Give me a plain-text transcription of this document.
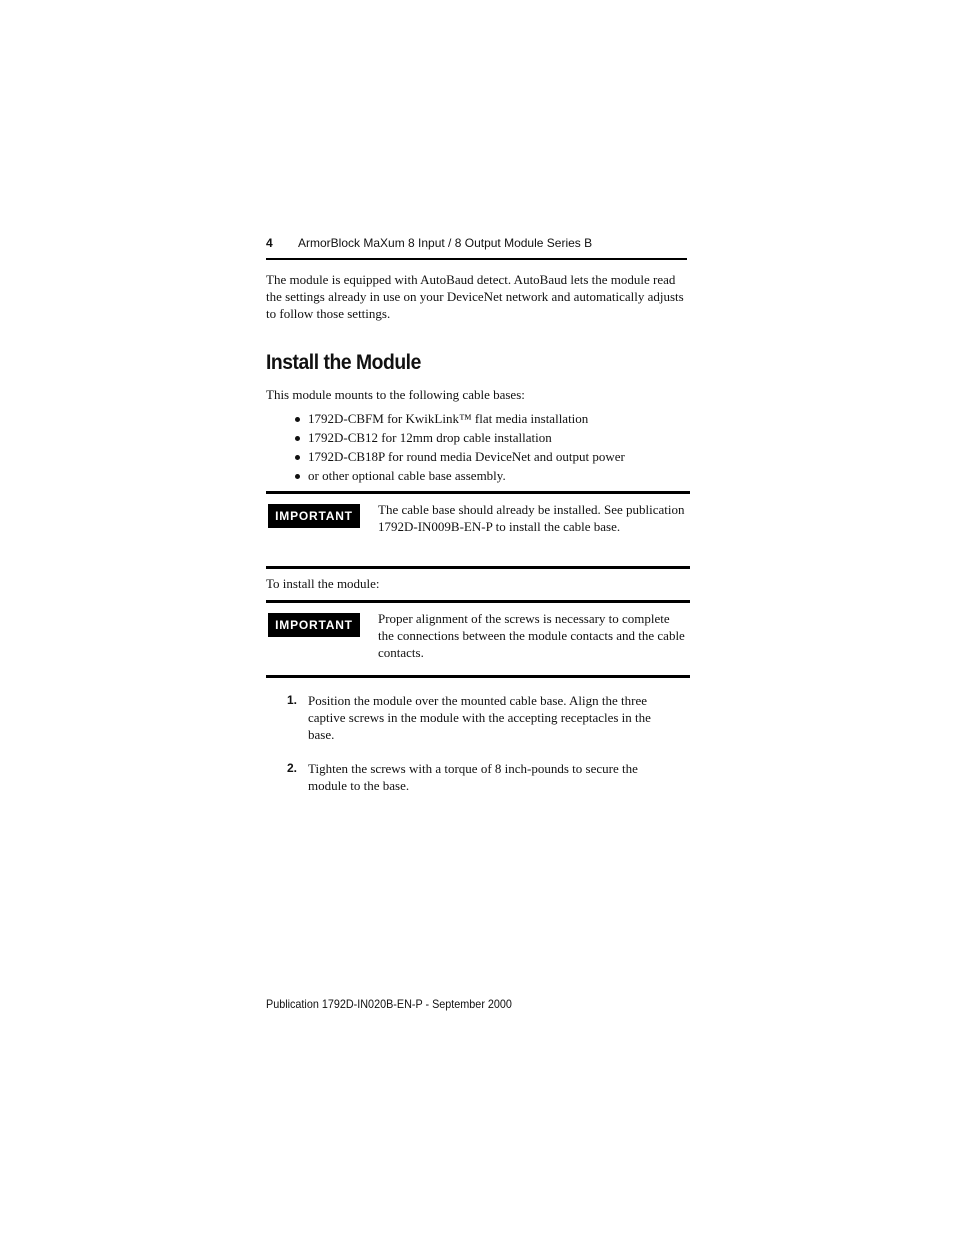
4 ArmorBlock MaXum 8 Input / 8 Output Module Series B
The module is equipped with AutoBaud detect. AutoBaud lets the module read the settings already in use on your DeviceNet network and automatically adjusts to follow those settings.
Install the Module
This module mounts to the following cable bases:
1792D-CBFM for KwikLink™ flat media installation
1792D-CB12 for 12mm drop cable installation
1792D-CB18P for round media DeviceNet and output power
or other optional cable base assembly.
IMPORTANT	The cable base should already be installed. See publication 1792D-IN009B-EN-P to install the cable base.
To install the module:
IMPORTANT	Proper alignment of the screws is necessary to complete the connections between the module contacts and the cable contacts.
1. Position the module over the mounted cable base. Align the three captive screws in the module with the accepting receptacles in the base.
2. Tighten the screws with a torque of 8 inch-pounds to secure the module to the base.
Publication 1792D-IN020B-EN-P - September 2000
